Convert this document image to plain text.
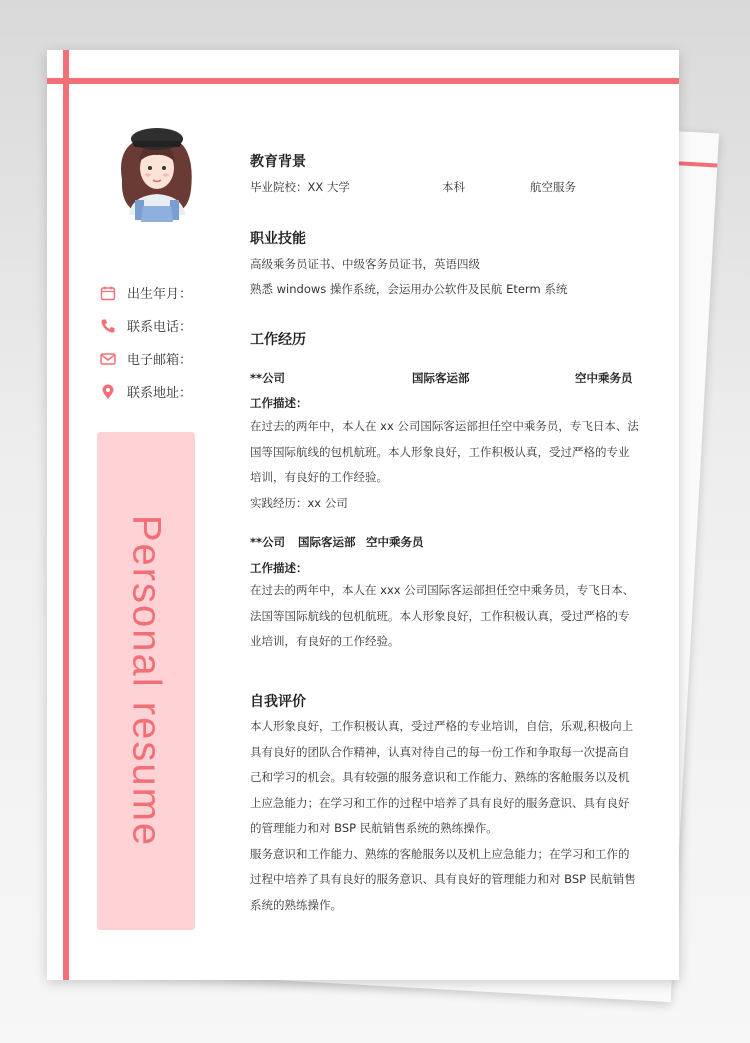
出生年月：
联系电话：
电子邮箱：
联系地址：
Personal resume
教育背景
毕业院校：XX 大学	本科	航空服务
职业技能
高级乘务员证书、中级客务员证书，英语四级
熟悉 windows 操作系统，会运用办公软件及民航 Eterm 系统
工作经历
**公司	国际客运部	空中乘务员
工作描述：
在过去的两年中，本人在 xx 公司国际客运部担任空中乘务员，专飞日本、法
国等国际航线的包机航班。本人形象良好，工作积极认真，受过严格的专业
培训，有良好的工作经验。
实践经历：xx 公司
**公司 国际客运部 空中乘务员
工作描述：
在过去的两年中，本人在 xxx 公司国际客运部担任空中乘务员，专飞日本、
法国等国际航线的包机航班。本人形象良好，工作积极认真，受过严格的专
业培训，有良好的工作经验。
自我评价
本人形象良好，工作积极认真，受过严格的专业培训，自信，乐观,积极向上
具有良好的团队合作精神，认真对待自己的每一份工作和争取每一次提高自
己和学习的机会。具有较强的服务意识和工作能力、熟练的客舱服务以及机
上应急能力；在学习和工作的过程中培养了具有良好的服务意识、具有良好
的管理能力和对 BSP 民航销售系统的熟练操作。
服务意识和工作能力、熟练的客舱服务以及机上应急能力；在学习和工作的
过程中培养了具有良好的服务意识、具有良好的管理能力和对 BSP 民航销售
系统的熟练操作。
